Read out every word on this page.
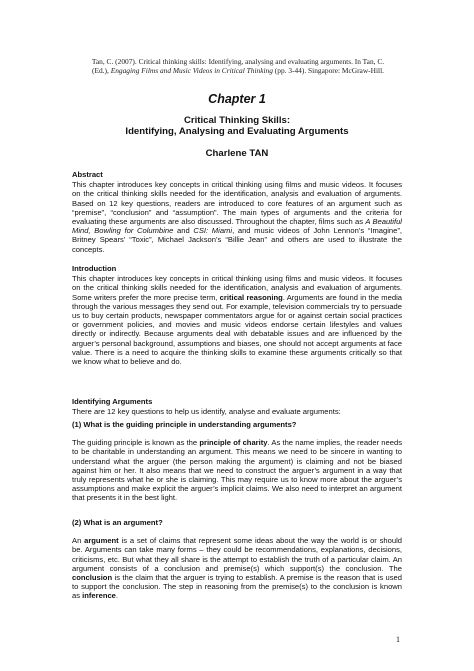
Tan, C. (2007). Critical thinking skills: Identifying, analysing and evaluating arguments. In Tan, C.
(Ed.), Engaging Films and Music Videos in Critical Thinking (pp. 3-44). Singapore: McGraw-Hill.
Chapter 1
Critical Thinking Skills:
Identifying, Analysing and Evaluating Arguments
Charlene TAN

Abstract

This chapter introduces key concepts in critical thinking using films and music videos. It focuses on the critical thinking skills needed for the identification, analysis and evaluation of arguments. Based on 12 key questions, readers are introduced to core features of an argument such as “premise”, “conclusion” and “assumption”. The main types of arguments and the criteria for evaluating these arguments are also discussed. Throughout the chapter, films such as A Beautiful Mind, Bowling for Columbine and CSI: Miami, and music videos of John Lennon’s “Imagine”, Britney Spears’ “Toxic”, Michael Jackson’s “Billie Jean” and others are used to illustrate the concepts.

Introduction

This chapter introduces key concepts in critical thinking using films and music videos. It focuses on the critical thinking skills needed for the identification, analysis and evaluation of arguments. Some writers prefer the more precise term, critical reasoning. Arguments are found in the media through the various messages they send out. For example, television commercials try to persuade us to buy certain products, newspaper commentators argue for or against certain social practices or government policies, and movies and music videos endorse certain lifestyles and values directly or indirectly. Because arguments deal with debatable issues and are influenced by the arguer’s personal background, assumptions and biases, one should not accept arguments at face value. There is a need to acquire the thinking skills to examine these arguments critically so that we know what to believe and do.

Identifying Arguments

There are 12 key questions to help us identify, analyse and evaluate arguments:

(1) What is the guiding principle in understanding arguments?

The guiding principle is known as the principle of charity. As the name implies, the reader needs to be charitable in understanding an argument. This means we need to be sincere in wanting to understand what the arguer (the person making the argument) is claiming and not be biased against him or her. It also means that we need to construct the arguer’s argument in a way that truly represents what he or she is claiming. This may require us to know more about the arguer’s assumptions and make explicit the arguer’s implicit claims. We also need to interpret an argument that presents it in the best light.

(2) What is an argument?

An argument is a set of claims that represent some ideas about the way the world is or should be. Arguments can take many forms – they could be recommendations, explanations, decisions, criticisms, etc. But what they all share is the attempt to establish the truth of a particular claim. An argument consists of a conclusion and premise(s) which support(s) the conclusion. The conclusion is the claim that the arguer is trying to establish. A premise is the reason that is used to support the conclusion. The step in reasoning from the premise(s) to the conclusion is known as inference.

1
